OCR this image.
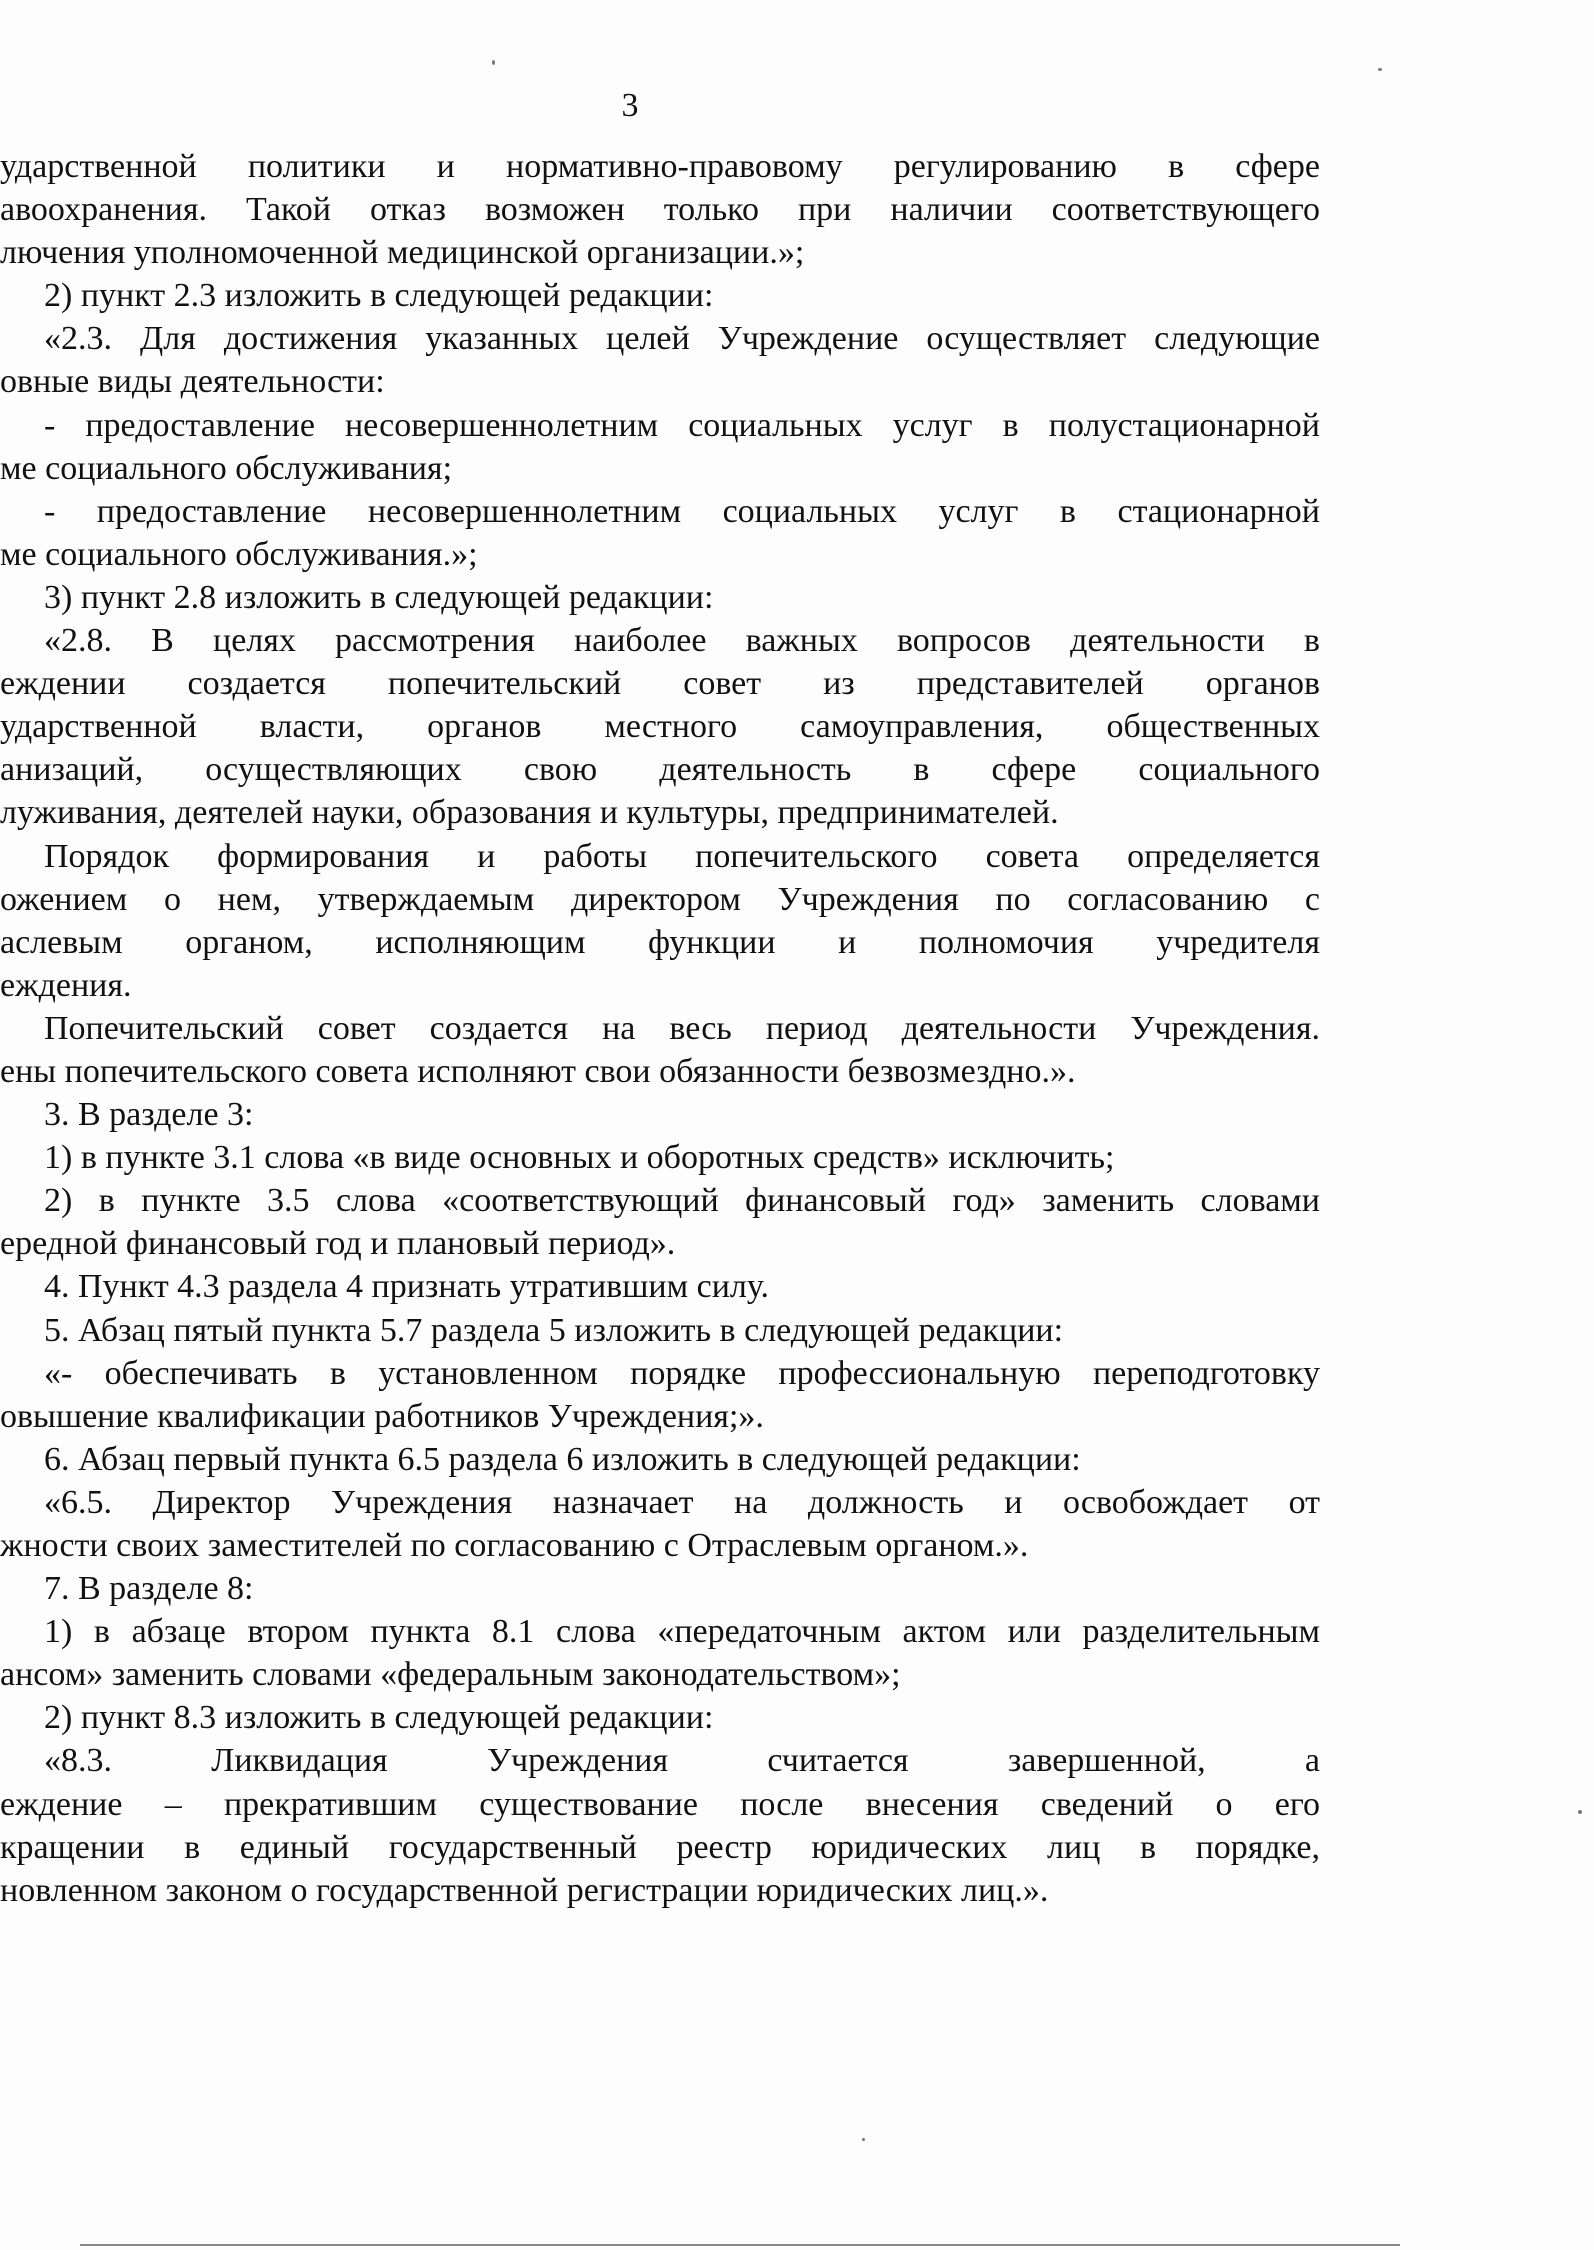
3
ударственной политики и нормативно-правовому регулированию в сфере
авоохранения. Такой отказ возможен только при наличии соответствующего
лючения уполномоченной медицинской организации.»;
2) пункт 2.3 изложить в следующей редакции:
«2.3. Для достижения указанных целей Учреждение осуществляет следующие
овные виды деятельности:
- предоставление несовершеннолетним социальных услуг в полустационарной
ме социального обслуживания;
- предоставление несовершеннолетним социальных услуг в стационарной
ме социального обслуживания.»;
3) пункт 2.8 изложить в следующей редакции:
«2.8. В целях рассмотрения наиболее важных вопросов деятельности в
еждении создается попечительский совет из представителей органов
ударственной власти, органов местного самоуправления, общественных
анизаций, осуществляющих свою деятельность в сфере социального
луживания, деятелей науки, образования и культуры, предпринимателей.
Порядок формирования и работы попечительского совета определяется
ожением о нем, утверждаемым директором Учреждения по согласованию с
аслевым органом, исполняющим функции и полномочия учредителя
еждения.
Попечительский совет создается на весь период деятельности Учреждения.
ены попечительского совета исполняют свои обязанности безвозмездно.».
3. В разделе 3:
1) в пункте 3.1 слова «в виде основных и оборотных средств» исключить;
2) в пункте 3.5 слова «соответствующий финансовый год» заменить словами
ередной финансовый год и плановый период».
4. Пункт 4.3 раздела 4 признать утратившим силу.
5. Абзац пятый пункта 5.7 раздела 5 изложить в следующей редакции:
«- обеспечивать в установленном порядке профессиональную переподготовку
овышение квалификации работников Учреждения;».
6. Абзац первый пункта 6.5 раздела 6 изложить в следующей редакции:
«6.5. Директор Учреждения назначает на должность и освобождает от
жности своих заместителей по согласованию с Отраслевым органом.».
7. В разделе 8:
1) в абзаце втором пункта 8.1 слова «передаточным актом или разделительным
ансом» заменить словами «федеральным законодательством»;
2) пункт 8.3 изложить в следующей редакции:
«8.3. Ликвидация Учреждения считается завершенной, а
еждение – прекратившим существование после внесения сведений о его
кращении в единый государственный реестр юридических лиц в порядке,
новленном законом о государственной регистрации юридических лиц.».
